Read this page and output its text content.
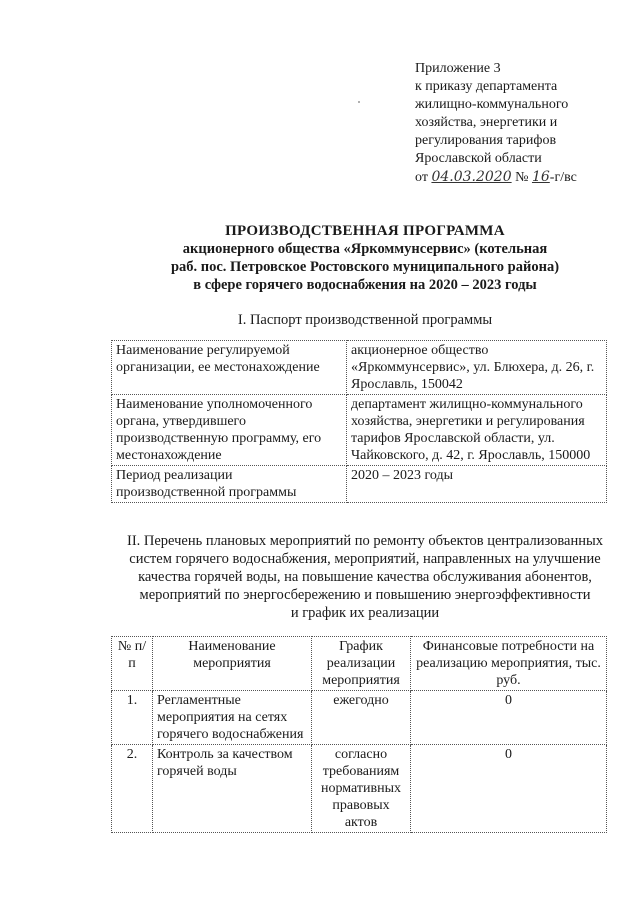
Приложение 3
к приказу департамента
жилищно-коммунального
хозяйства, энергетики и
регулирования тарифов
Ярославской области
от 04.03.2020 № 16-г/вс
ПРОИЗВОДСТВЕННАЯ ПРОГРАММА
акционерного общества «Яркоммунсервис» (котельная
раб. пос. Петровское Ростовского муниципального района)
в сфере горячего водоснабжения на 2020 – 2023 годы
I. Паспорт производственной программы
Наименование регулируемой организации, ее местонахождение	акционерное общество «Яркоммунсервис», ул. Блюхера, д. 26, г. Ярославль, 150042
Наименование уполномоченного органа, утвердившего производственную программу, его местонахождение	департамент жилищно-коммунального хозяйства, энергетики и регулирования тарифов Ярославской области, ул. Чайковского, д. 42, г. Ярославль, 150000
Период реализации производственной программы	2020 – 2023 годы
II. Перечень плановых мероприятий по ремонту объектов централизованных
систем горячего водоснабжения, мероприятий, направленных на улучшение
качества горячей воды, на повышение качества обслуживания абонентов,
мероприятий по энергосбережению и повышению энергоэффективности
и график их реализации
№ п/п	Наименование мероприятия	График реализации мероприятия	Финансовые потребности на реализацию мероприятия, тыс. руб.
1.	Регламентные мероприятия на сетях горячего водоснабжения	ежегодно	0
2.	Контроль за качеством горячей воды	согласно требованиям нормативных правовых актов	0
